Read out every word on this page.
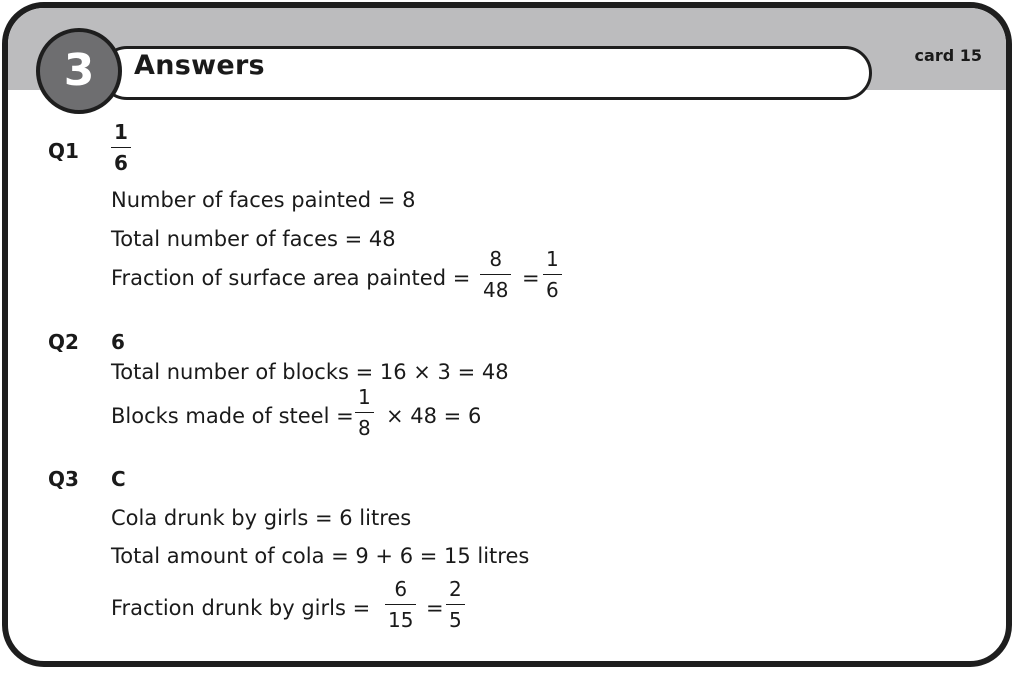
Answers
3	card 15
Q1
1
6
Number of faces painted = 8
Total number of faces = 48
Fraction of surface area painted =
8
48 =
1
6
Q2 6
Total number of blocks = 16 × 3 = 48
Blocks made of steel =
1
8 × 48 = 6
Q3 C
Cola drunk by girls = 6 litres
Total amount of cola = 9 + 6 = 15 litres
Fraction drunk by girls =
6
15 =
2
5
